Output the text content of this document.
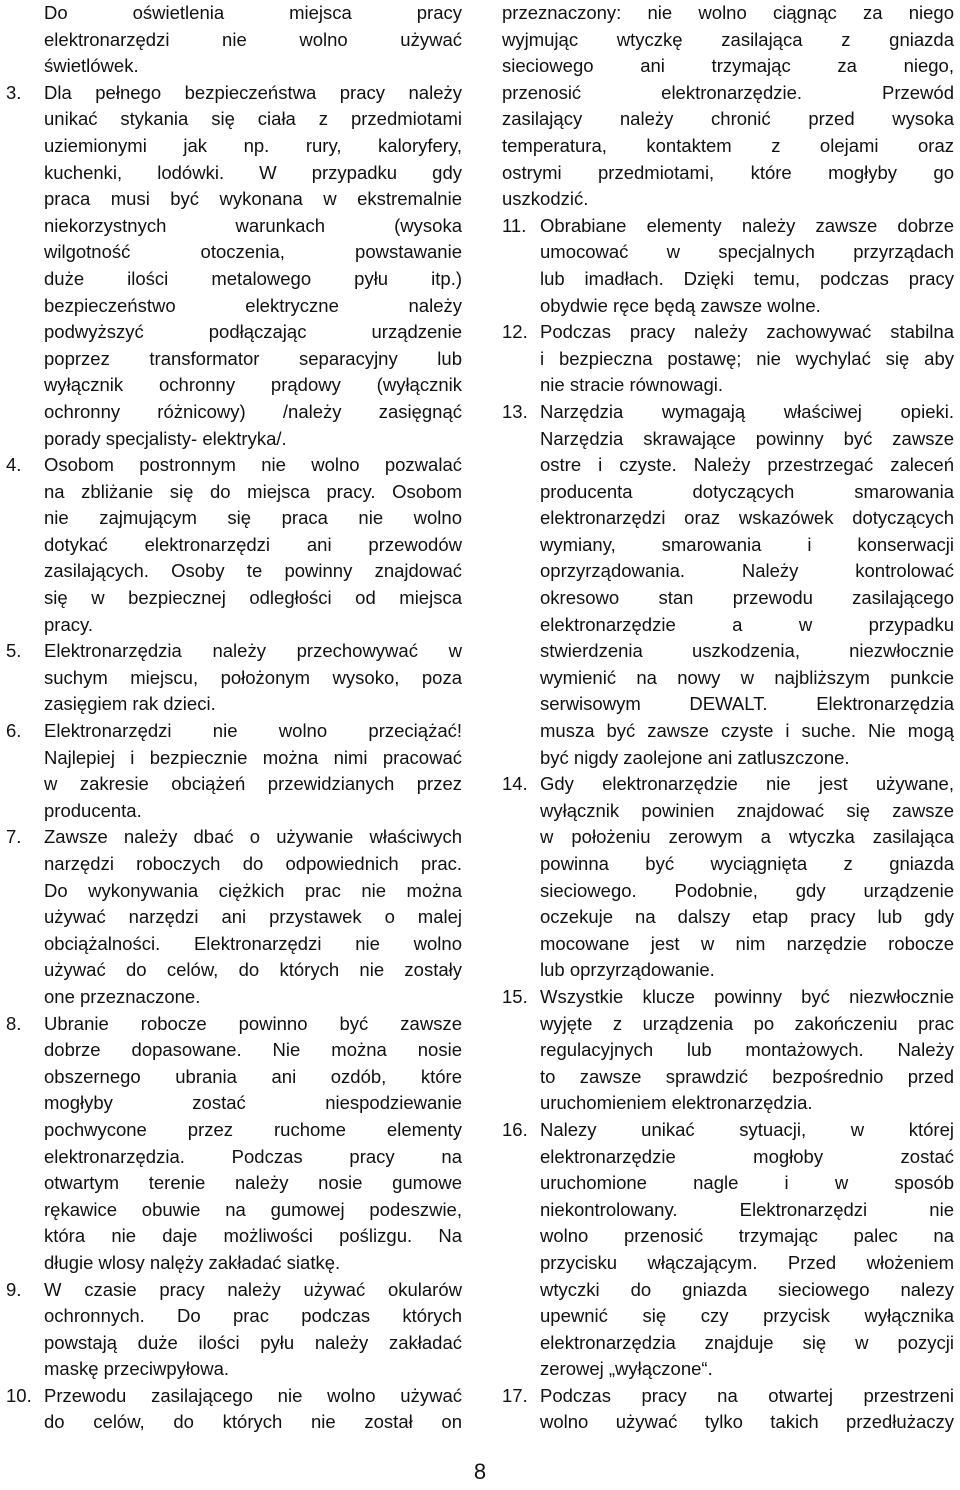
Do oświetlenia miejsca pracy
elektronarzędzi nie wolno używać
świetlówek.
3.	Dla pełnego bezpieczeństwa pracy należy
unikać stykania się ciała z przedmiotami
uziemionymi jak np. rury, kaloryfery,
kuchenki, lodówki. W przypadku gdy
praca musi być wykonana w ekstremalnie
niekorzystnych warunkach (wysoka
wilgotność otoczenia, powstawanie
duże ilości metalowego pyłu itp.)
bezpieczeństwo elektryczne należy
podwyższyć podłączając urządzenie
poprzez transformator separacyjny lub
wyłącznik ochronny prądowy (wyłącznik
ochronny różnicowy) /należy zasięgnąć
porady specjalisty- elektryka/.
4.	Osobom postronnym nie wolno pozwalać
na zbliżanie się do miejsca pracy. Osobom
nie zajmującym się praca nie wolno
dotykać elektronarzędzi ani przewodów
zasilających. Osoby te powinny znajdować
się w bezpiecznej odległości od miejsca
pracy.
5.	Elektronarzędzia należy przechowywać w
suchym miejscu, położonym wysoko, poza
zasięgiem rak dzieci.
6.	Elektronarzędzi nie wolno przeciążać!
Najlepiej i bezpiecznie można nimi pracować
w zakresie obciążeń przewidzianych przez
producenta.
7.	Zawsze należy dbać o używanie właściwych
narzędzi roboczych do odpowiednich prac.
Do wykonywania ciężkich prac nie można
używać narzędzi ani przystawek o malej
obciążalności. Elektronarzędzi nie wolno
używać do celów, do których nie zostały
one przeznaczone.
8.	Ubranie robocze powinno być zawsze
dobrze dopasowane. Nie można nosie
obszernego ubrania ani ozdób, które
mogłyby zostać niespodziewanie
pochwycone przez ruchome elementy
elektronarzędzia. Podczas pracy na
otwartym terenie należy nosie gumowe
rękawice obuwie na gumowej podeszwie,
która nie daje możliwości poślizgu. Na
długie wlosy nalęży zakładać siatkę.
9.	W czasie pracy należy używać okularów
ochronnych. Do prac podczas których
powstają duże ilości pyłu należy zakładać
maskę przeciwpyłowa.
10. Przewodu zasilającego nie wolno używać
do celów, do których nie został on
przeznaczony: nie wolno ciągnąc za niego
wyjmując wtyczkę zasilająca z gniazda
sieciowego ani trzymając za niego,
przenosić elektronarzędzie. Przewód
zasilający należy chronić przed wysoka
temperatura, kontaktem z olejami oraz
ostrymi przedmiotami, które mogłyby go
uszkodzić.
11. Obrabiane elementy należy zawsze dobrze
umocować w specjalnych przyrządach
lub imadłach. Dzięki temu, podczas pracy
obydwie ręce będą zawsze wolne.
12. Podczas pracy należy zachowywać stabilna
i bezpieczna postawę; nie wychylać się aby
nie stracie równowagi.
13. Narzędzia wymagają właściwej opieki.
Narzędzia skrawające powinny być zawsze
ostre i czyste. Należy przestrzegać zaleceń
producenta dotyczących smarowania
elektronarzędzi oraz wskazówek dotyczących
wymiany, smarowania i konserwacji
oprzyrządowania. Należy kontrolować
okresowo stan przewodu zasilającego
elektronarzędzie a w przypadku
stwierdzenia uszkodzenia, niezwłocznie
wymienić na nowy w najbliższym punkcie
serwisowym DEWALT. Elektronarzędzia
musza być zawsze czyste i suche. Nie mogą
być nigdy zaolejone ani zatluszczone.
14. Gdy elektronarzędzie nie jest używane,
wyłącznik powinien znajdować się zawsze
w położeniu zerowym a wtyczka zasilająca
powinna być wyciągnięta z gniazda
sieciowego. Podobnie, gdy urządzenie
oczekuje na dalszy etap pracy lub gdy
mocowane jest w nim narzędzie robocze
lub oprzyrządowanie.
15. Wszystkie klucze powinny być niezwłocznie
wyjęte z urządzenia po zakończeniu prac
regulacyjnych lub montażowych. Należy
to zawsze sprawdzić bezpośrednio przed
uruchomieniem elektronarzędzia.
16. Nalezy unikać sytuacji, w której
elektronarzędzie mogłoby zostać
uruchomione nagle i w sposób
niekontrolowany. Elektronarzędzi nie
wolno przenosić trzymając palec na
przycisku włączającym. Przed włożeniem
wtyczki do gniazda sieciowego nalezy
upewnić się czy przycisk wyłącznika
elektronarzędzia znajduje się w pozycji
zerowej „wyłączone“.
17. Podczas pracy na otwartej przestrzeni
wolno używać tylko takich przedłużaczy
8
